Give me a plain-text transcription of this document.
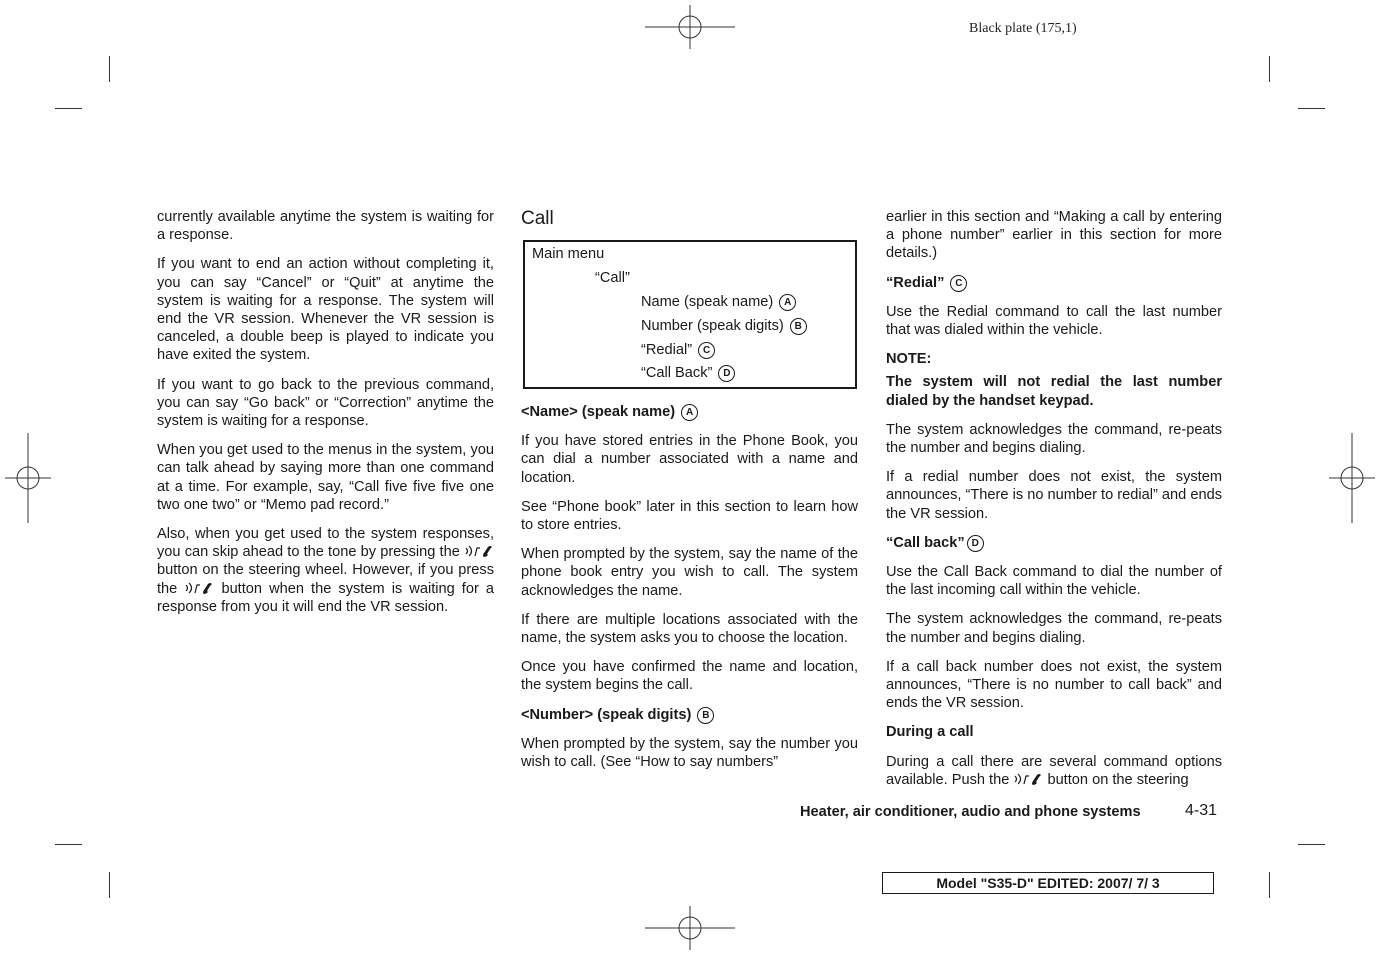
Black plate (175,1)

currently available anytime the system is waiting for a response.

If you want to end an action without completing it, you can say “Cancel” or “Quit” at anytime the system is waiting for a response. The system will end the VR session. Whenever the VR session is canceled, a double beep is played to indicate you have exited the system.

If you want to go back to the previous command, you can say “Go back” or “Correction” anytime the system is waiting for a response.

When you get used to the menus in the system, you can talk ahead by saying more than one command at a time. For example, say, “Call five five five one two one two” or “Memo pad record.”

Also, when you get used to the system responses, you can skip ahead to the tone by pressing the  button on the steering wheel. However, if you press the	button when the system is waiting for a response from you it will end the VR session.

Call
Main menu
“Call”
Name (speak name) A
Number (speak digits) B
“Redial” C
“Call Back” D
<Name> (speak name) A

If you have stored entries in the Phone Book, you can dial a number associated with a name and location.

See “Phone book” later in this section to learn how to store entries.

When prompted by the system, say the name of the phone book entry you wish to call. The system acknowledges the name.

If there are multiple locations associated with the name, the system asks you to choose the location.

Once you have confirmed the name and location, the system begins the call.

<Number> (speak digits) B

When prompted by the system, say the number you wish to call. (See “How to say numbers”

earlier in this section and “Making a call by entering a phone number” earlier in this section for more details.)

“Redial” C

Use the Redial command to call the last number that was dialed within the vehicle.

NOTE:

The system will not redial the last number dialed by the handset keypad.

The system acknowledges the command, re-peats the number and begins dialing.

If a redial number does not exist, the system announces, “There is no number to redial” and ends the VR session.

“Call back” D

Use the Call Back command to dial the number of the last incoming call within the vehicle.

The system acknowledges the command, re-peats the number and begins dialing.

If a call back number does not exist, the system announces, “There is no number to call back” and ends the VR session.

During a call

During a call there are several command options available. Push the	button on the steering

Heater, air conditioner, audio and phone systems	4-31
Model "S35-D" EDITED: 2007/ 7/ 3
